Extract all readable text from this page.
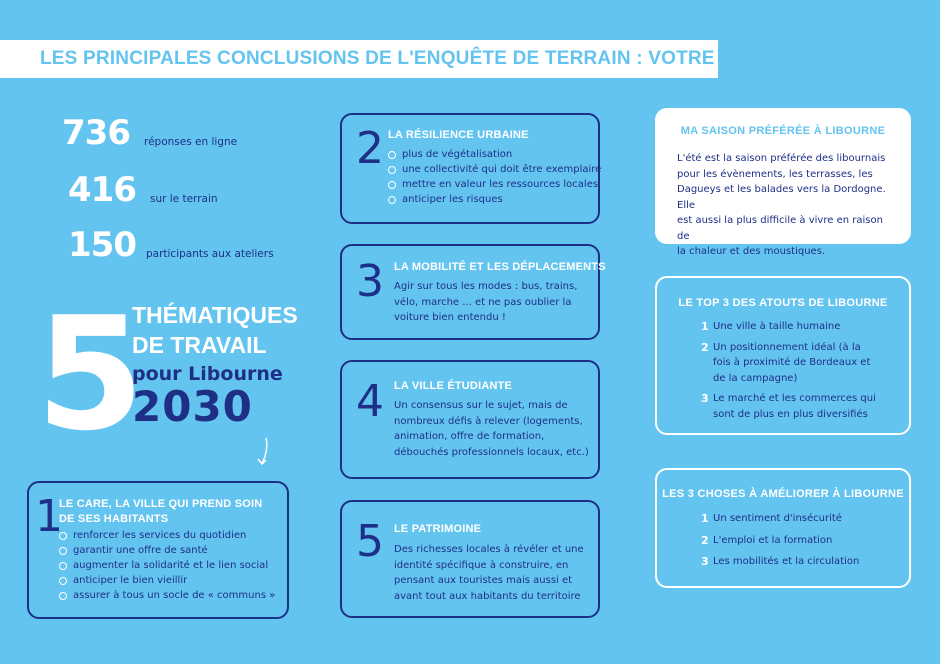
LES PRINCIPALES CONCLUSIONS DE L'ENQUÊTE DE TERRAIN : VOTRE RESSENTI
736 réponses en ligne
416 sur le terrain
150 participants aux ateliers
5
THÉMATIQUES
DE TRAVAIL
pour Libourne
2030
1
LE CARE, LA VILLE QUI PREND SOIN
DE SES HABITANTS
renforcer les services du quotidien
garantir une offre de santé
augmenter la solidarité et le lien social
anticiper le bien vieillir
assurer à tous un socle de « communs »
2 LA RÉSILIENCE URBAINE
plus de végétalisation
une collectivité qui doit être exemplaire
mettre en valeur les ressources locales
anticiper les risques
3 LA MOBILITÉ ET LES DÉPLACEMENTS
Agir sur tous les modes : bus, trains,
vélo, marche ... et ne pas oublier la
voiture bien entendu !
4 LA VILLE ÉTUDIANTE
Un consensus sur le sujet, mais de
nombreux défis à relever (logements,
animation, offre de formation,
débouchés professionnels locaux, etc.)
5 LE PATRIMOINE
Des richesses locales à révéler et une
identité spécifique à construire, en
pensant aux touristes mais aussi et
avant tout aux habitants du territoire
MA SAISON PRÉFÉRÉE À LIBOURNE
L'été est la saison préférée des libournais
pour les évènements, les terrasses, les
Dagueys et les balades vers la Dordogne. Elle
est aussi la plus difficile à vivre en raison de
la chaleur et des moustiques.
LE TOP 3 DES ATOUTS DE LIBOURNE
1 Une ville à taille humaine
2 Un positionnement idéal (à la
fois à proximité de Bordeaux et
de la campagne)
3 Le marché et les commerces qui
sont de plus en plus diversifiés
LES 3 CHOSES À AMÉLIORER À LIBOURNE
1 Un sentiment d'insécurité
2 L'emploi et la formation
3 Les mobilités et la circulation
